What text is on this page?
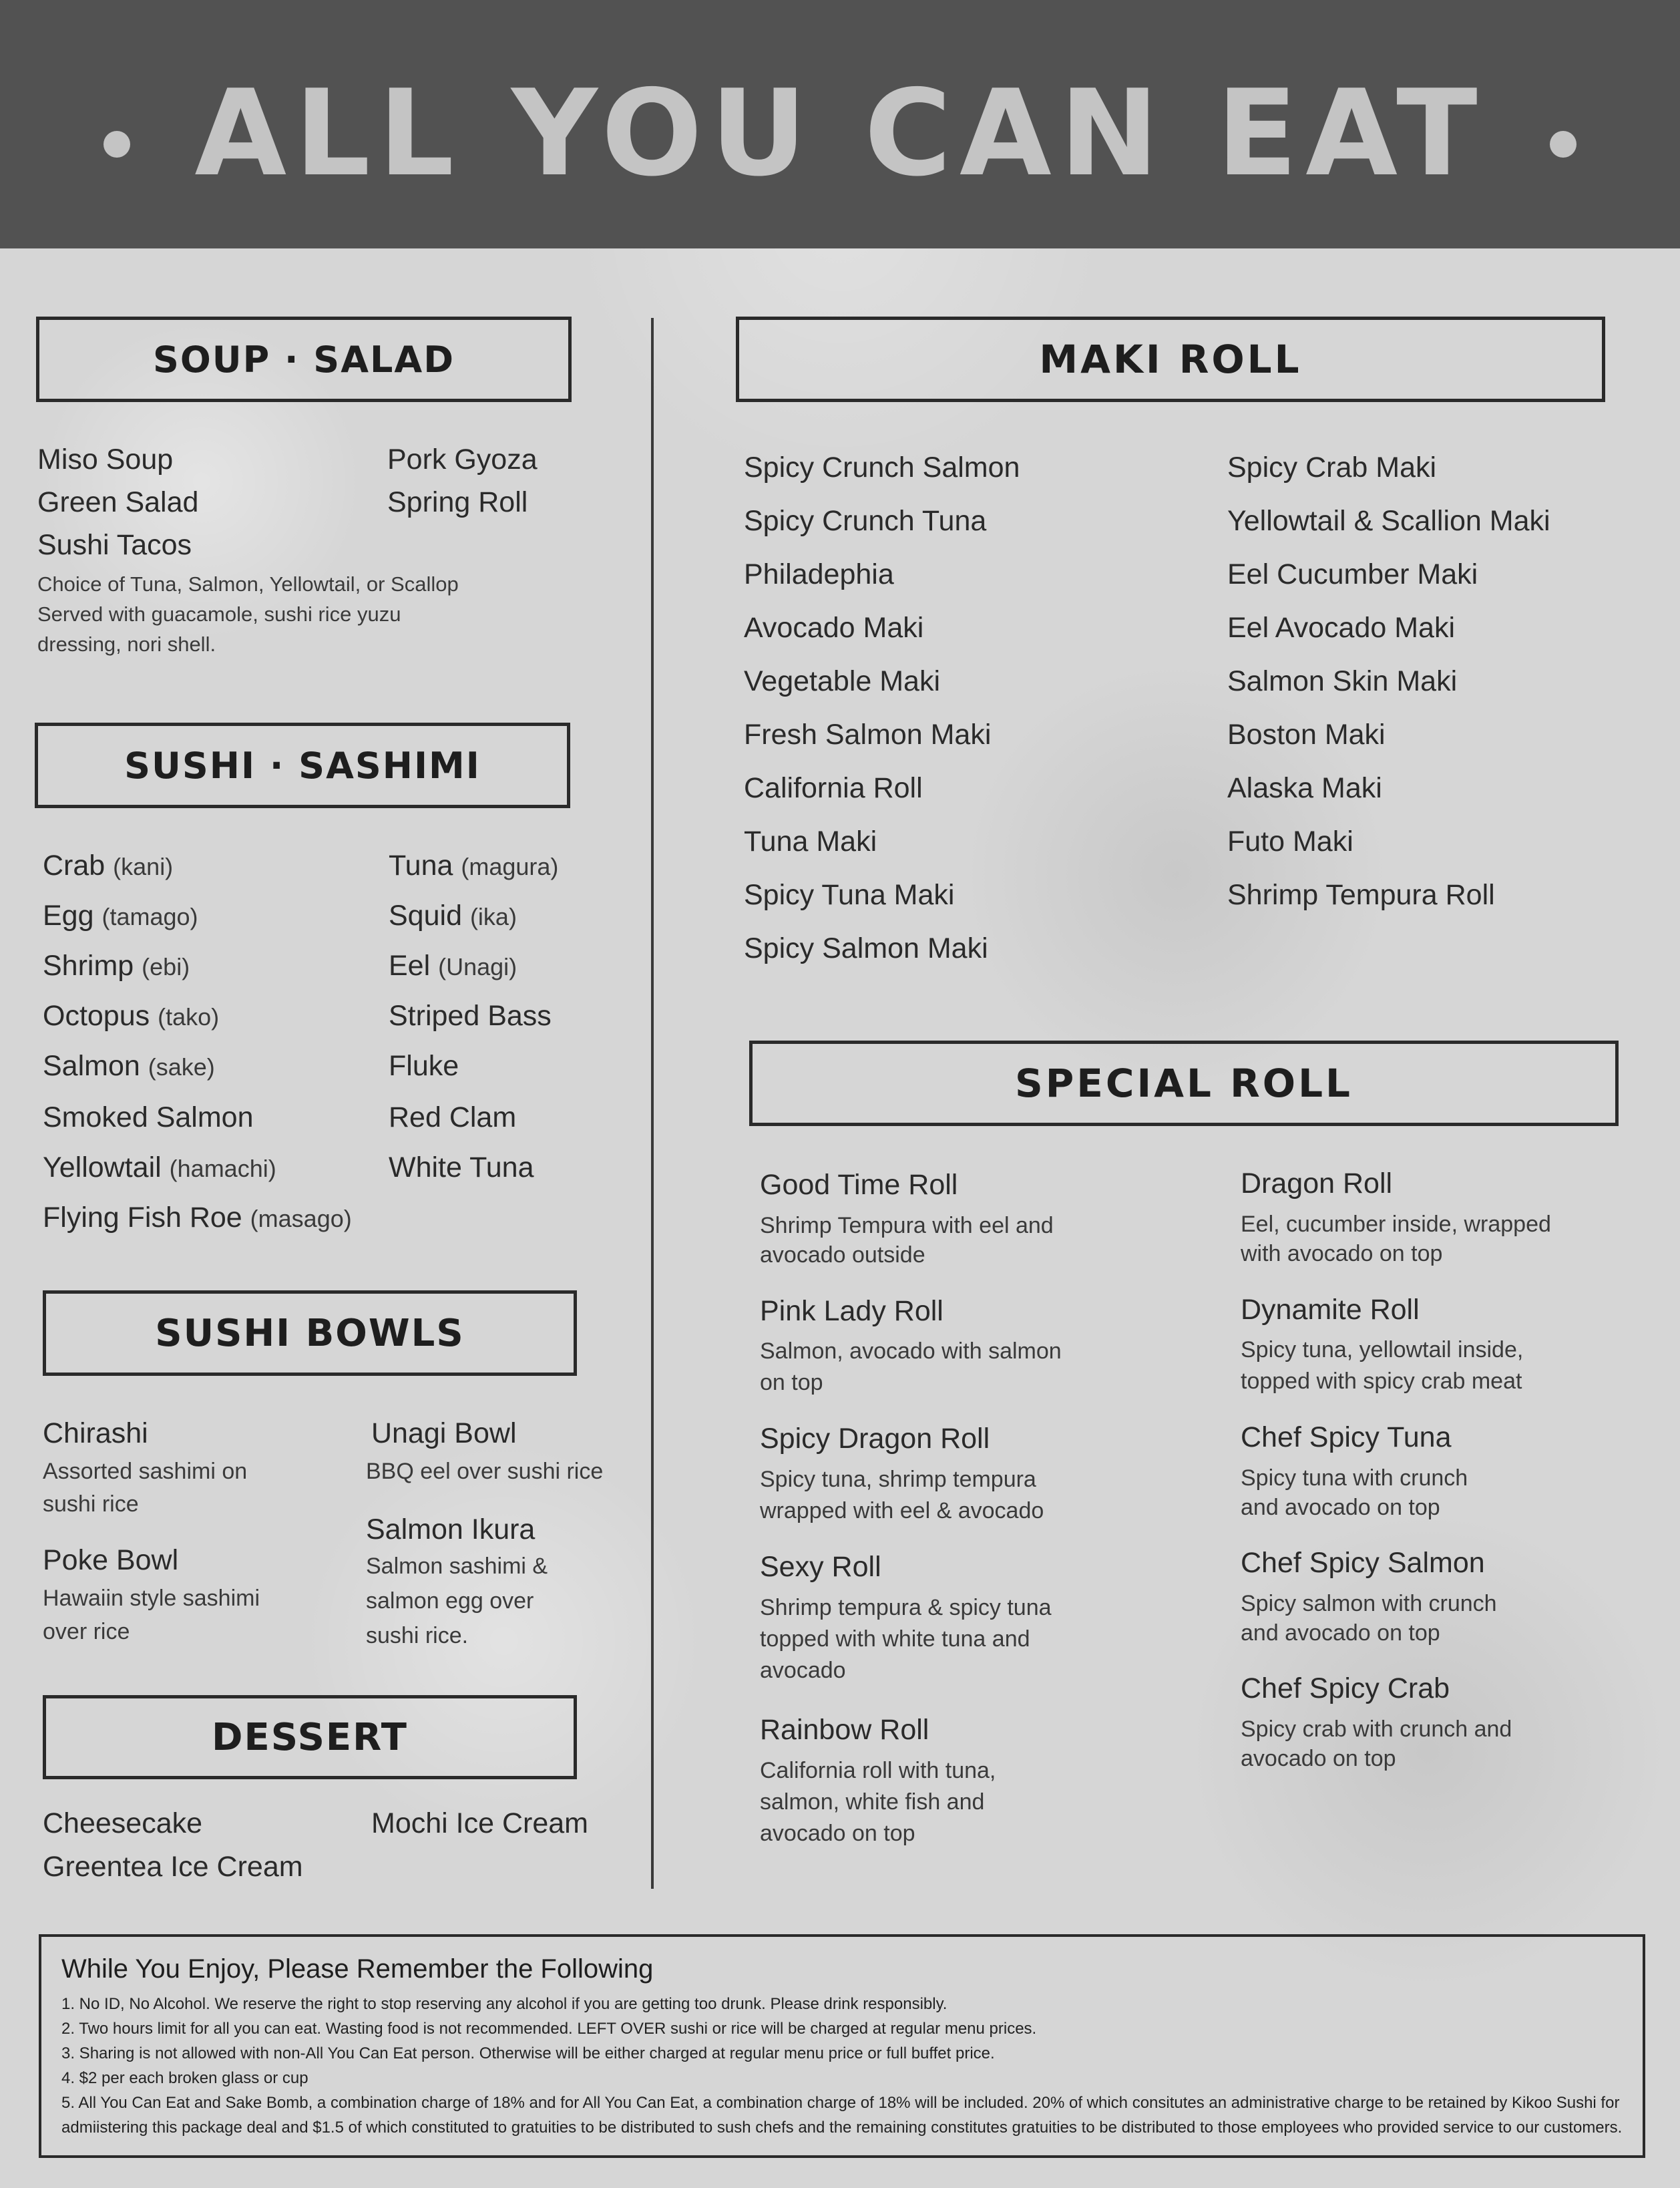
ALL YOU CAN EAT
SOUP · SALAD
Miso Soup
Green Salad
Sushi Tacos
Pork Gyoza
Spring Roll
Choice of Tuna, Salmon, Yellowtail, or Scallop
Served with guacamole, sushi rice yuzu
dressing, nori shell.
SUSHI · SASHIMI
Crab (kani)
Egg (tamago)
Shrimp (ebi)
Octopus (tako)
Salmon (sake)
Smoked Salmon
Yellowtail (hamachi)
Flying Fish Roe (masago)
Tuna (magura)
Squid (ika)
Eel (Unagi)
Striped Bass
Fluke
Red Clam
White Tuna
SUSHI BOWLS
Chirashi
Assorted sashimi on
sushi rice
Poke Bowl
Hawaiin style sashimi
over rice
Unagi Bowl
BBQ eel over sushi rice
Salmon Ikura
Salmon sashimi &
salmon egg over
sushi rice.
DESSERT
Cheesecake
Greentea Ice Cream
Mochi Ice Cream
MAKI ROLL
Spicy Crunch Salmon
Spicy Crunch Tuna
Philadephia
Avocado Maki
Vegetable Maki
Fresh Salmon Maki
California Roll
Tuna Maki
Spicy Tuna Maki
Spicy Salmon Maki
Spicy Crab Maki
Yellowtail & Scallion Maki
Eel Cucumber Maki
Eel Avocado Maki
Salmon Skin Maki
Boston Maki
Alaska Maki
Futo Maki
Shrimp Tempura Roll
SPECIAL ROLL
Good Time Roll
Shrimp Tempura with eel and
avocado outside
Pink Lady Roll
Salmon, avocado with salmon
on top
Spicy Dragon Roll
Spicy tuna, shrimp tempura
wrapped with eel & avocado
Sexy Roll
Shrimp tempura & spicy tuna
topped with white tuna and
avocado
Rainbow Roll
California roll with tuna,
salmon, white fish and
avocado on top
Dragon Roll
Eel, cucumber inside, wrapped
with avocado on top
Dynamite Roll
Spicy tuna, yellowtail inside,
topped with spicy crab meat
Chef Spicy Tuna
Spicy tuna with crunch
and avocado on top
Chef Spicy Salmon
Spicy salmon with crunch
and avocado on top
Chef Spicy Crab
Spicy crab with crunch and
avocado on top
While You Enjoy, Please Remember the Following
1. No ID, No Alcohol. We reserve the right to stop reserving any alcohol if you are getting too drunk. Please drink responsibly.
2. Two hours limit for all you can eat. Wasting food is not recommended. LEFT OVER sushi or rice will be charged at regular menu prices.
3. Sharing is not allowed with non-All You Can Eat person. Otherwise will be either charged at regular menu price or full buffet price.
4. $2 per each broken glass or cup
5. All You Can Eat and Sake Bomb, a combination charge of 18% and for All You Can Eat, a combination charge of 18% will be included. 20% of which consitutes an administrative charge to be retained by Kikoo Sushi for
admiistering this package deal and $1.5 of which constituted to gratuities to be distributed to sush chefs and the remaining constitutes gratuities to be distributed to those employees who provided service to our customers.
